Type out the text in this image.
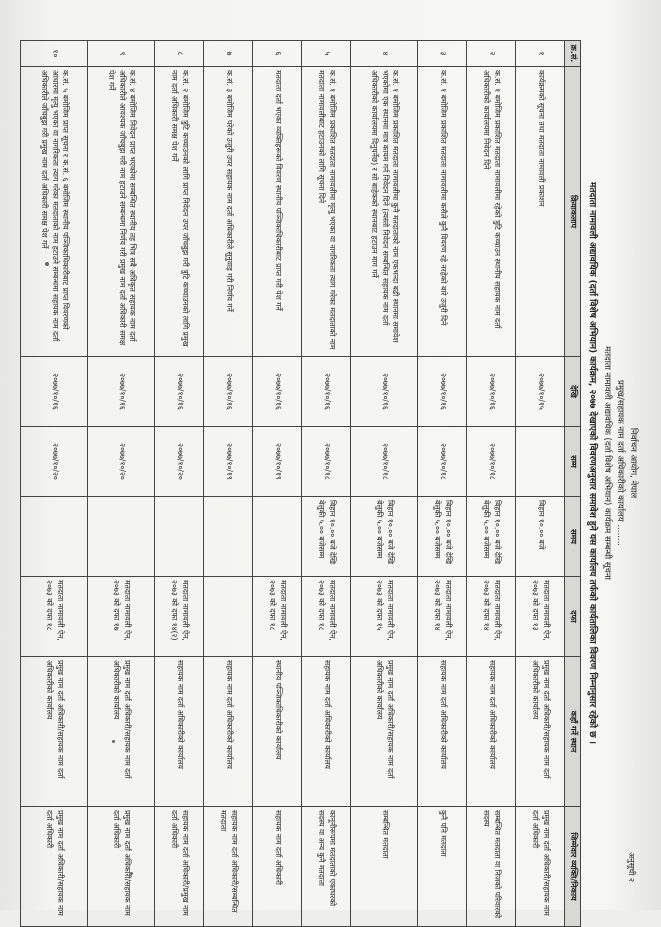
अनुसूची २
निर्वाचन आयोग, नेपाल
प्रमुख/सहायक नाम दर्ता अधिकारीको कार्यालय ........
मतदाता नामावली अद्यावधिक (दर्ता विशेष अभियान) कार्यक्रम सम्बन्धी सूचना
मतदाता नामावली अद्यावधिक (दर्ता विशेष अभियान) कार्यक्रम, २०७७ देखाएको विवरणअनुसार समावेश हुने यस कार्यालय तर्फको कार्यतालिका विवरण निम्नानुसार रहेको छ ।
क्र.सं.	क्रियाकलाप	देखि	सम्म	समय	दफा	कहाँ गर्ने स्थान	जिम्मेवार व्यक्ति/निकाय
१	कार्यक्रमको सूचना तथा मतदाता नामावली प्रकाशन	२०७७/१०/१५		बिहान १०.०० बजे	मतदाता नामावली ऐन, २०७३ को दफा १३	प्रमुख नाम दर्ता अधिकारी/सहायक नाम दर्ता अधिकारीको कार्यालय	प्रमुख नाम दर्ता अधिकारी/सहायक नाम दर्ता अधिकारी
२	क.सं. १ बमोजिम प्रकाशित मतदाता नामावलीमा रहेको त्रुटि कच्चाउन स्थानीय सहायक नाम दर्ता अधिकारीको कार्यालयमा निवेदन दिने	२०७७/१०/१६	२०७७/१०/१८	बिहान १०.०० बजे देखि बेलुकी ५.०० बजेसम्म	मतदाता नामावली ऐन, २०७३ को दफा १४	सहायक नाम दर्ता अधिकारीको कार्यालय	सम्बन्धित मतदाता वा निजको परिवारको सदस्य
३	क.सं. १ बमोजिम प्रकाशित मतदाता नामावलीमा कसैले कुनै विवरण रहे नरहेको बारे उजुरी दिने	२०७७/१०/१६	२०७७/१०/१८	बिहान १०.०० बजे देखि बेलुकी ५.०० बजेसम्म	मतदाता नामावली ऐन, २०७३ को दफा १४	सहायक नाम दर्ता अधिकारीको कार्यालय	कुनै पनि मतदाता
४	क.सं. १ बमोजिम प्रकाशित मतदाता नामावलीमा कुनै मतदाताको नाम एकभन्दा बढी स्थानमा समावेश भएकोमा एक स्थानमा मात्र कायम गर्न निवेदन दिने (त्यस्तो निवेदन सम्बन्धित सहायक नाम दर्ता अधिकारीको कार्यालयमा दिनुपर्नेछ) र सो बाहेकको स्थानबाट हटाउन माग गर्ने	२०७७/१०/१६	२०७७/१०/१८	बिहान १०.०० बजे देखि बेलुकी ५.०० बजेसम्म	मतदाता नामावली ऐन, २०७३ को दफा १५	प्रमुख नाम दर्ता अधिकारी/सहायक नाम दर्ता अधिकारीको कार्यालय	सम्बन्धित मतदाता
५	क.सं. १ बमोजिम प्रकाशित मतदाता नामावलीमा मृत्यु भएका वा नागरिकता त्याग गरेका मतदाताको नाम मतदाता नामावलीबाट हटाउनको लागि सूचना दिने	२०७७/१०/१६	२०७७/१०/१८	बिहान १०.०० बजे देखि बेलुकी ५.०० बजेसम्म	मतदाता नामावली ऐन, २०७३ को दफा १८	सहायक नाम दर्ता अधिकारीको कार्यालय	कानूनीरूपमा मतदाताको एकाघरको सदस्य वा अन्य कुनै मतदाता
६	मतदाता दर्ता भएका व्यक्तिहरूको विवरण स्थानीय पञ्जिकाधिकारीबाट प्राप्त गरी पेश गर्ने	२०७७/१०/१६	२०७७/१०/१९		मतदाता नामावली ऐन, २०७३ को दफा १८	स्थानीय पञ्जिकाधिकारीको कार्यालय	सहायक नाम दर्ता अधिकारी
७	क.सं. ३ बमोजिम परेको उजुरी उपर सहायक नाम दर्ता अधिकारीले सुनुवाइ गरी निर्णय गर्ने	२०७७/१०/१६	२०७७/१०/१९			सहायक नाम दर्ता अधिकारीको कार्यालय	सहायक नाम दर्ता अधिकारी/सम्बन्धित मतदाता
८	क.सं. २ बमोजिम त्रुटि कच्चाउनको लागि प्राप्त निवेदन उपर जाँचबुझ गरी त्रुटि कच्चाउनको लागि प्रमुख नाम दर्ता अधिकारी समक्ष पेश गर्ने	२०७७/१०/१६	२०७७/१०/२०		मतदाता नामावली ऐन, २०७३ को दफा १४(२)	सहायक नाम दर्ता अधिकारीको कार्यालय	सहायक नाम दर्ता अधिकारी/प्रमुख नाम दर्ता अधिकारी
९	क.सं. ४ बमोजिम निवेदन प्राप्त भएकोमा सम्बन्धित स्थानीय तह भित्र सबै अधिकृत सहायक नाम दर्ता अधिकारीले आवश्यक जाँचबुझ गरी नाम हटाउने सम्बन्धमा निर्णय गरी प्रमुख नाम दर्ता अधिकारी समक्ष पेश गर्ने	२०७७/१०/१६	२०७७/१०/२०		मतदाता नामावली ऐन, २०७३ को दफा १७	प्रमुख नाम दर्ता अधिकारी/सहायक नाम दर्ता अधिकारीको कार्यालय	प्रमुख नाम दर्ता अधिकारी/सहायक नाम दर्ता अधिकारी
१०	क.सं. ५ बमोजिम प्राप्त सूचना र क.सं. ६ बमोजिम स्थानीय पञ्जिकाधिकारीबाट प्राप्त विवरणको आधारमा मृत्यु भएका वा नागरिकता त्याग गरेका मतदाताको नाम हटाउने सम्बन्धमा सहायक नाम दर्ता अधिकारीले जाँचबुझ गरी प्रमुख नाम दर्ता अधिकारी समक्ष पेश गर्ने	२०७७/१०/१६	२०७७/१०/२०		मतदाता नामावली ऐन, २०७३ को दफा १८	प्रमुख नाम दर्ता अधिकारी/सहायक नाम दर्ता अधिकारीको कार्यालय	प्रमुख नाम दर्ता अधिकारी/सहायक नाम दर्ता अधिकारी
